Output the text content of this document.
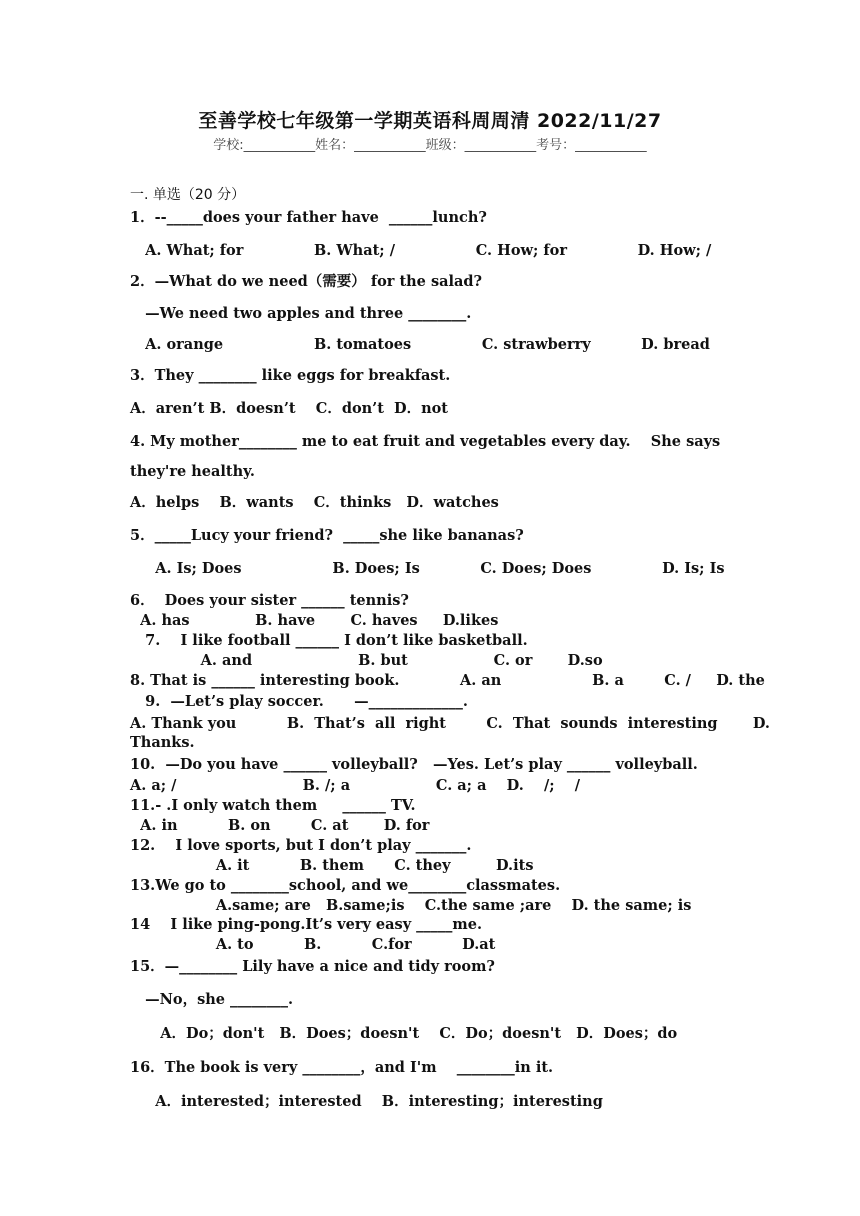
至善学校七年级第一学期英语科周周清 2022/11/27
学校:___________姓名：___________班级：___________考号：___________
一. 单选（20 分）
1．--_____does your father have  ______lunch?
A. What; for              B. What; /                C. How; for              D. How; /
2．—What do we need（需要） for the salad?
—We need two apples and three ________.
A. orange                  B. tomatoes              C. strawberry          D. bread
3．They ________ like eggs for breakfast.
A．aren’t B．doesn’t    C．don’t  D．not
4. My mother________ me to eat fruit and vegetables every day.    She says
they're healthy.
A．helps    B．wants    C．thinks   D．watches
5．_____Lucy your friend?  _____she like bananas?
A. Is; Does                  B. Does; Is            C. Does; Does              D. Is; Is
6．  Does your sister ______ tennis?
A. has             B. have       C. haves     D.likes
7.    I like football ______ I don’t like basketball.
A. and                     B. but                 C. or       D.so
8. That is ______ interesting book.            A. an                  B. a        C. /     D. the
9.  —Let’s play soccer.      —_____________.
A. Thank you          B.  That’s  all  right        C.  That  sounds  interesting       D.
Thanks.
10.  —Do you have ______ volleyball?   —Yes. Let’s play ______ volleyball.
A. a; /                         B. /; a                 C. a; a    D.    /;    /
11.- .I only watch them     ______ TV.
A. in          B. on        C. at       D. for
12.    I love sports, but I don’t play _______.
A. it          B. them      C. they         D.its
13.We go to ________school, and we________classmates.
A.same; are   B.same;is    C.the same ;are    D. the same; is
14    I like ping-pong.It’s very easy _____me.
A. to          B.          C.for          D.at
15．—________ Lily have a nice and tidy room?
—No，she ________.
A．Do；don't   B．Does；doesn't    C．Do；doesn't   D．Does；do
16．The book is very ________，and I'm    ________in it.
A．interested；interested    B．interesting；interesting
